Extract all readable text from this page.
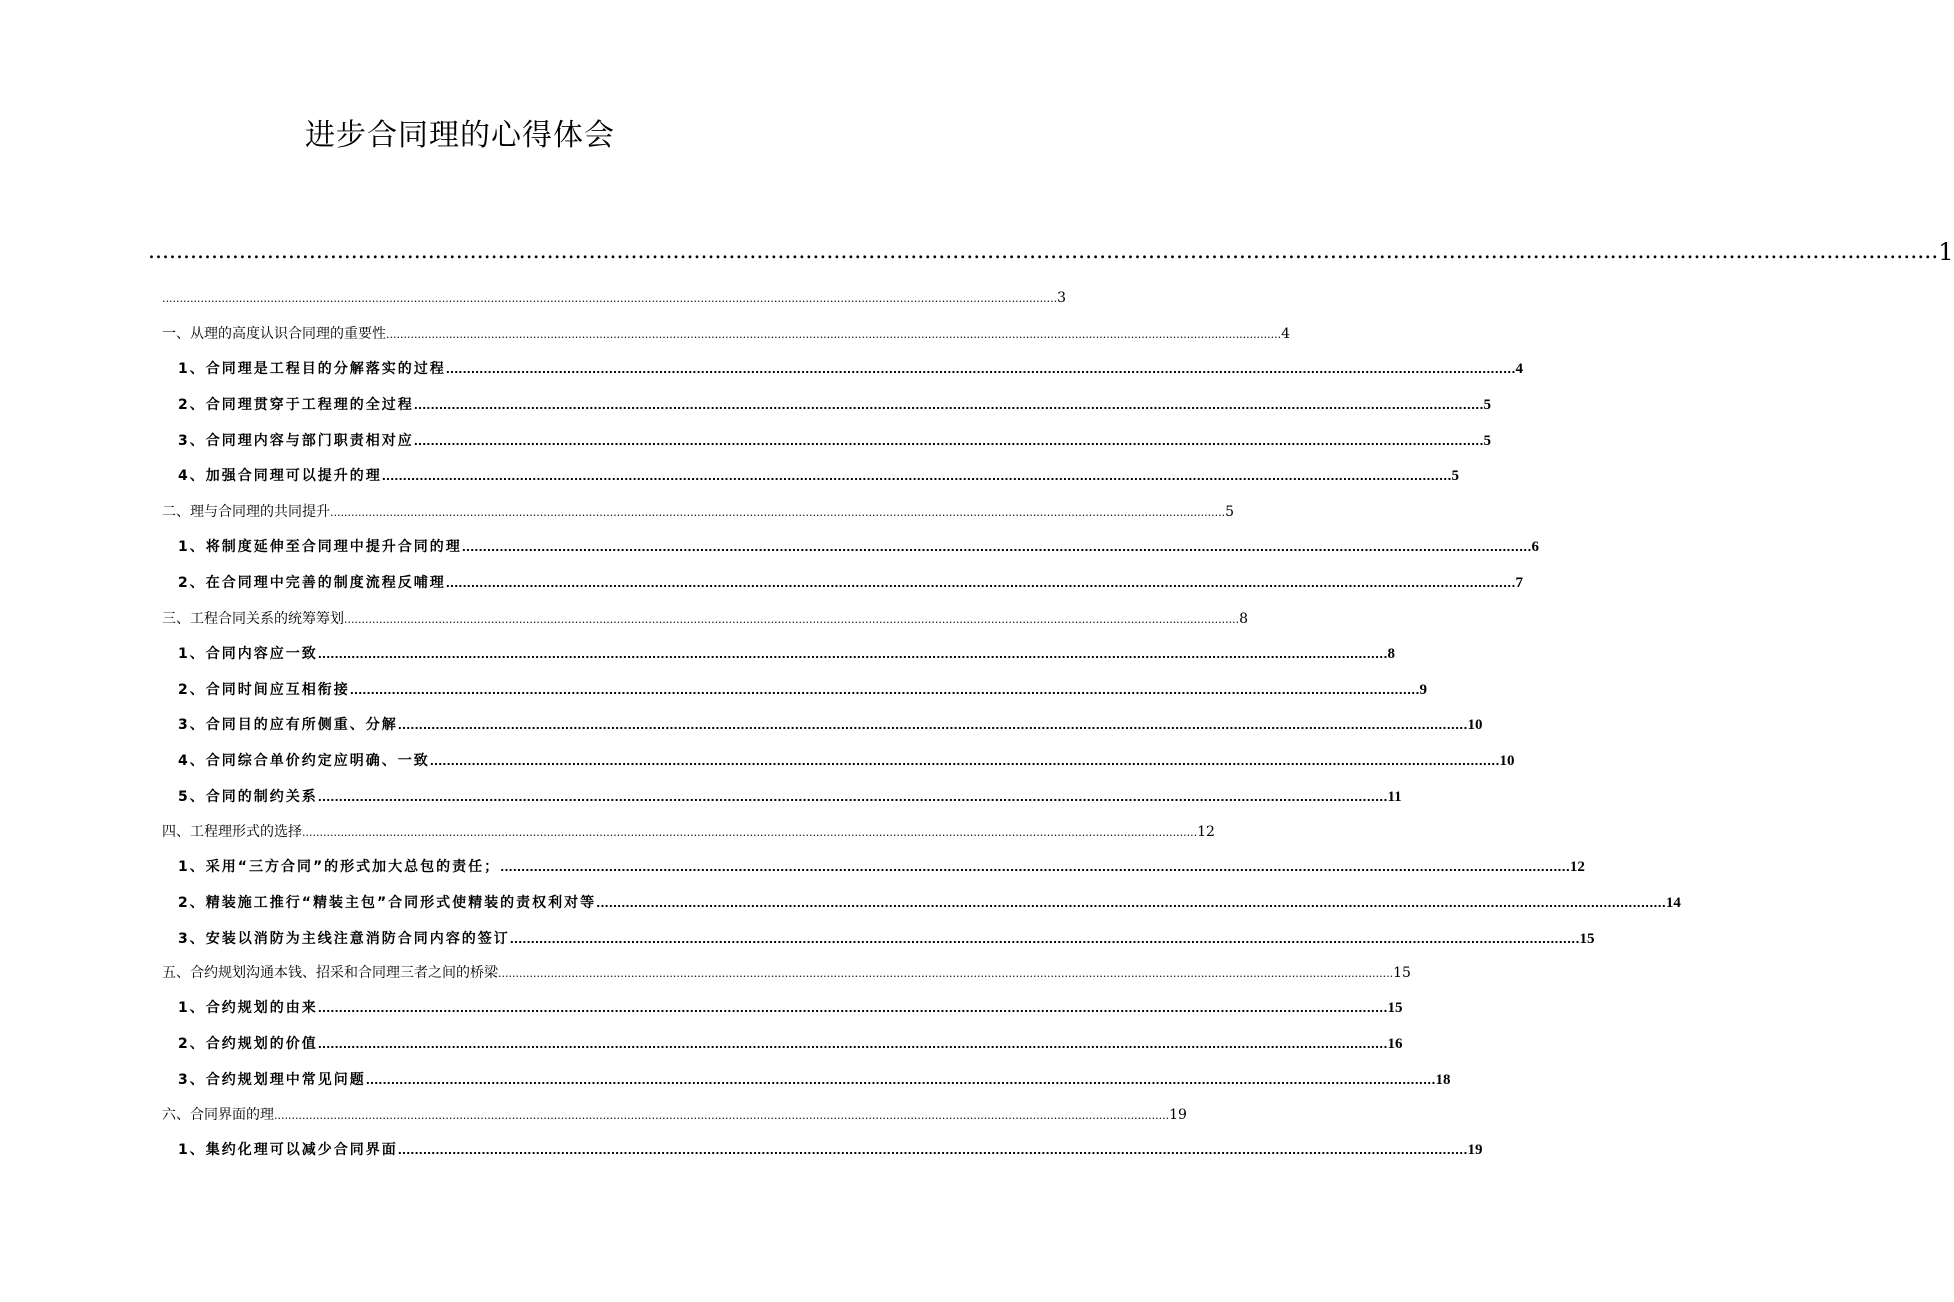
进步合同理的心得体会
................................................................................................................................................................................................................................................................ 1
................................................................................................................................................................................................................................................................ 3
一、从理的高度认识合同理的重要性 ................................................................................................................................................................................................................................................................ 4
1、合同理是工程目的分解落实的过程 ................................................................................................................................................................................................................................................................ 4
2、合同理贯穿于工程理的全过程 ................................................................................................................................................................................................................................................................ 5
3、合同理内容与部门职责相对应 ................................................................................................................................................................................................................................................................ 5
4、加强合同理可以提升的理 ................................................................................................................................................................................................................................................................ 5
二、理与合同理的共同提升 ................................................................................................................................................................................................................................................................ 5
1、将制度延伸至合同理中提升合同的理 ................................................................................................................................................................................................................................................................ 6
2、在合同理中完善的制度流程反哺理 ................................................................................................................................................................................................................................................................ 7
三、工程合同关系的统筹筹划 ................................................................................................................................................................................................................................................................ 8
1、合同内容应一致 ................................................................................................................................................................................................................................................................ 8
2、合同时间应互相衔接 ................................................................................................................................................................................................................................................................ 9
3、合同目的应有所侧重、分解 ................................................................................................................................................................................................................................................................ 10
4、合同综合单价约定应明确、一致 ................................................................................................................................................................................................................................................................ 10
5、合同的制约关系 ................................................................................................................................................................................................................................................................ 11
四、工程理形式的选择 ................................................................................................................................................................................................................................................................ 12
1、采用“三方合同”的形式加大总包的责任； ................................................................................................................................................................................................................................................................ 12
2、精装施工推行“精装主包”合同形式使精装的责权利对等 ................................................................................................................................................................................................................................................................ 14
3、安装以消防为主线注意消防合同内容的签订 ................................................................................................................................................................................................................................................................ 15
五、合约规划沟通本钱、招采和合同理三者之间的桥梁 ................................................................................................................................................................................................................................................................ 15
1、合约规划的由来 ................................................................................................................................................................................................................................................................ 15
2、合约规划的价值 ................................................................................................................................................................................................................................................................ 16
3、合约规划理中常见问题 ................................................................................................................................................................................................................................................................ 18
六、合同界面的理 ................................................................................................................................................................................................................................................................ 19
1、集约化理可以减少合同界面 ................................................................................................................................................................................................................................................................ 19
